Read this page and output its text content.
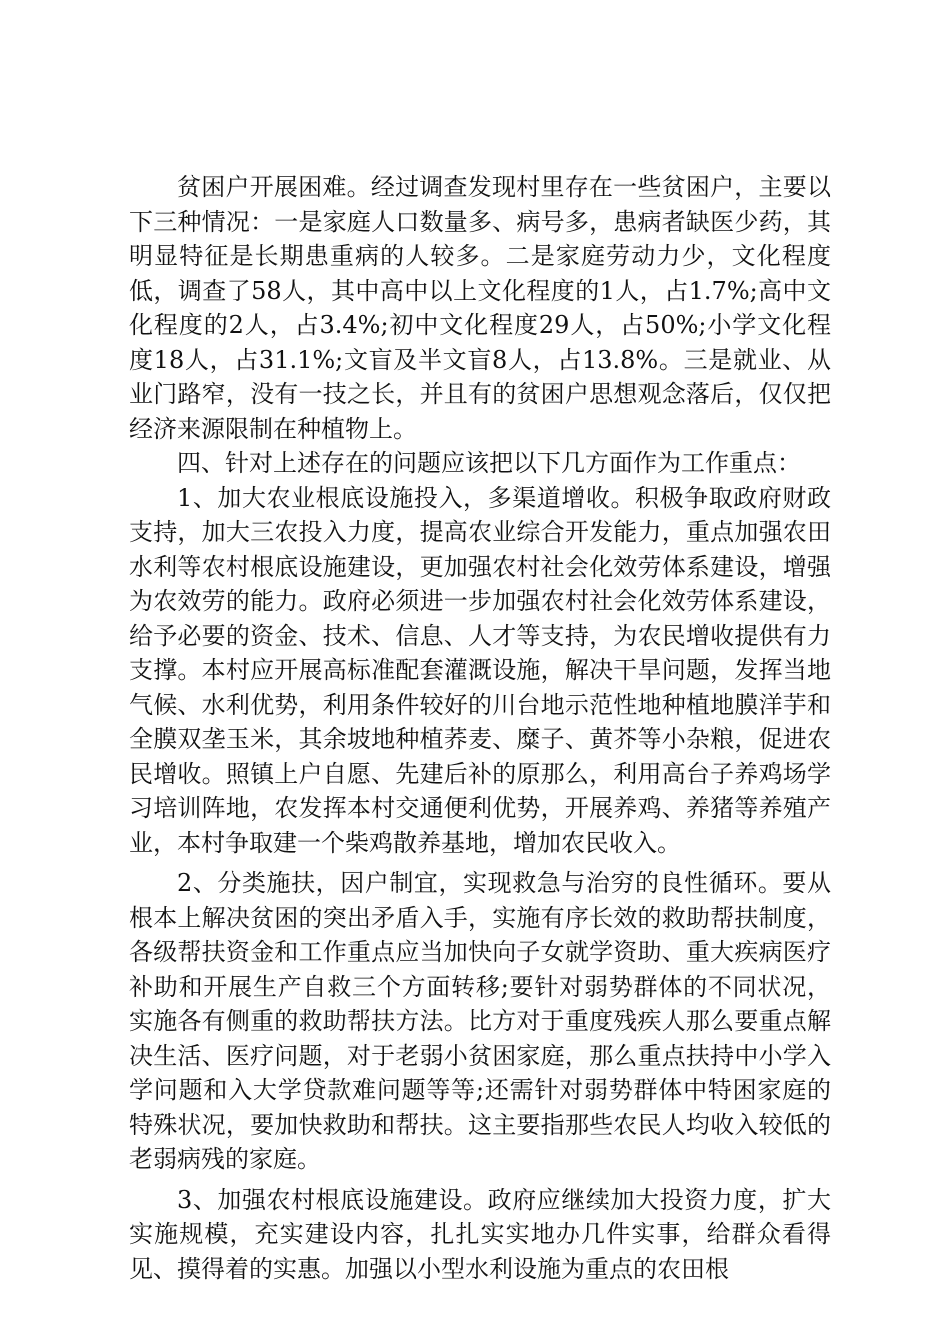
贫困户开展困难。经过调查发现村里存在一些贫困户，主要以下三种情况：一是家庭人口数量多、病号多，患病者缺医少药，其明显特征是长期患重病的人较多。二是家庭劳动力少，文化程度低，调查了58人，其中高中以上文化程度的1人，占1.7%;高中文化程度的2人，占3.4%;初中文化程度29人，占50%;小学文化程度18人，占31.1%;文盲及半文盲8人，占13.8%。三是就业、从业门路窄，没有一技之长，并且有的贫困户思想观念落后，仅仅把经济来源限制在种植物上。

四、针对上述存在的问题应该把以下几方面作为工作重点：

1、加大农业根底设施投入，多渠道增收。积极争取政府财政支持，加大三农投入力度，提高农业综合开发能力，重点加强农田水利等农村根底设施建设，更加强农村社会化效劳体系建设，增强为农效劳的能力。政府必须进一步加强农村社会化效劳体系建设，给予必要的资金、技术、信息、人才等支持，为农民增收提供有力支撑。本村应开展高标准配套灌溉设施，解决干旱问题，发挥当地气候、水利优势，利用条件较好的川台地示范性地种植地膜洋芋和全膜双垄玉米，其余坡地种植荞麦、糜子、黄芥等小杂粮，促进农民增收。照镇上户自愿、先建后补的原那么，利用高台子养鸡场学习培训阵地，农发挥本村交通便利优势，开展养鸡、养猪等养殖产业，本村争取建一个柴鸡散养基地，增加农民收入。

2、分类施扶，因户制宜，实现救急与治穷的良性循环。要从根本上解决贫困的突出矛盾入手，实施有序长效的救助帮扶制度，各级帮扶资金和工作重点应当加快向子女就学资助、重大疾病医疗补助和开展生产自救三个方面转移;要针对弱势群体的不同状况，实施各有侧重的救助帮扶方法。比方对于重度残疾人那么要重点解决生活、医疗问题，对于老弱小贫困家庭，那么重点扶持中小学入学问题和入大学贷款难问题等等;还需针对弱势群体中特困家庭的特殊状况，要加快救助和帮扶。这主要指那些农民人均收入较低的老弱病残的家庭。

3、加强农村根底设施建设。政府应继续加大投资力度，扩大实施规模，充实建设内容，扎扎实实地办几件实事，给群众看得见、摸得着的实惠。加强以小型水利设施为重点的农田根
